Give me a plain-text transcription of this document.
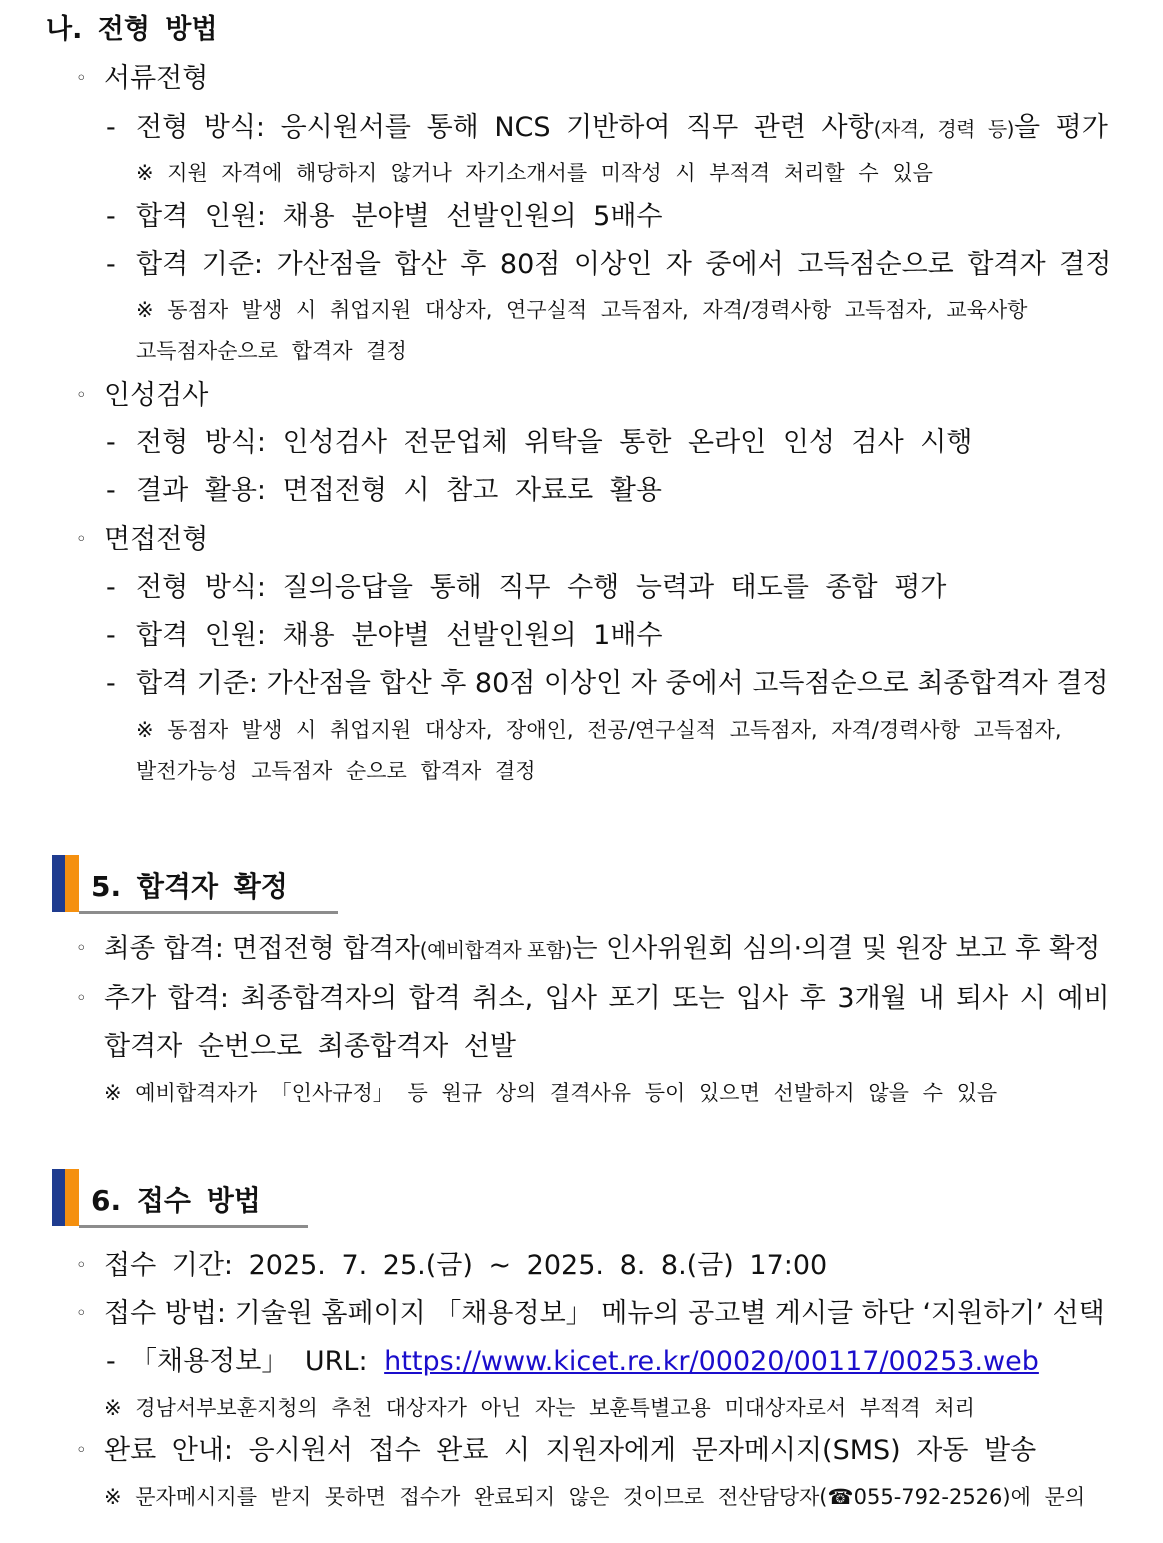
나. 전형 방법
◦ 서류전형
- 전형 방식: 응시원서를 통해 NCS 기반하여 직무 관련 사항(자격, 경력 등)을 평가
※ 지원 자격에 해당하지 않거나 자기소개서를 미작성 시 부적격 처리할 수 있음
- 합격 인원: 채용 분야별 선발인원의 5배수
- 합격 기준: 가산점을 합산 후 80점 이상인 자 중에서 고득점순으로 합격자 결정
※ 동점자 발생 시 취업지원 대상자, 연구실적 고득점자, 자격/경력사항 고득점자, 교육사항
고득점자순으로 합격자 결정
◦ 인성검사
- 전형 방식: 인성검사 전문업체 위탁을 통한 온라인 인성 검사 시행
- 결과 활용: 면접전형 시 참고 자료로 활용
◦ 면접전형
- 전형 방식: 질의응답을 통해 직무 수행 능력과 태도를 종합 평가
- 합격 인원: 채용 분야별 선발인원의 1배수
- 합격 기준: 가산점을 합산 후 80점 이상인 자 중에서 고득점순으로 최종합격자 결정
※ 동점자 발생 시 취업지원 대상자, 장애인, 전공/연구실적 고득점자, 자격/경력사항 고득점자,
발전가능성 고득점자 순으로 합격자 결정
5. 합격자 확정
◦ 최종 합격: 면접전형 합격자(예비합격자 포함)는 인사위원회 심의·의결 및 원장 보고 후 확정
◦ 추가 합격: 최종합격자의 합격 취소, 입사 포기 또는 입사 후 3개월 내 퇴사 시 예비
합격자 순번으로 최종합격자 선발
※ 예비합격자가 「인사규정」 등 원규 상의 결격사유 등이 있으면 선발하지 않을 수 있음
6. 접수 방법
◦ 접수 기간: 2025. 7. 25.(금) ~ 2025. 8. 8.(금) 17:00
◦ 접수 방법: 기술원 홈페이지 「채용정보」 메뉴의 공고별 게시글 하단 ‘지원하기’ 선택
- 「채용정보」 URL: https://www.kicet.re.kr/00020/00117/00253.web
※ 경남서부보훈지청의 추천 대상자가 아닌 자는 보훈특별고용 미대상자로서 부적격 처리
◦ 완료 안내: 응시원서 접수 완료 시 지원자에게 문자메시지(SMS) 자동 발송
※ 문자메시지를 받지 못하면 접수가 완료되지 않은 것이므로 전산담당자(☎055-792-2526)에 문의
